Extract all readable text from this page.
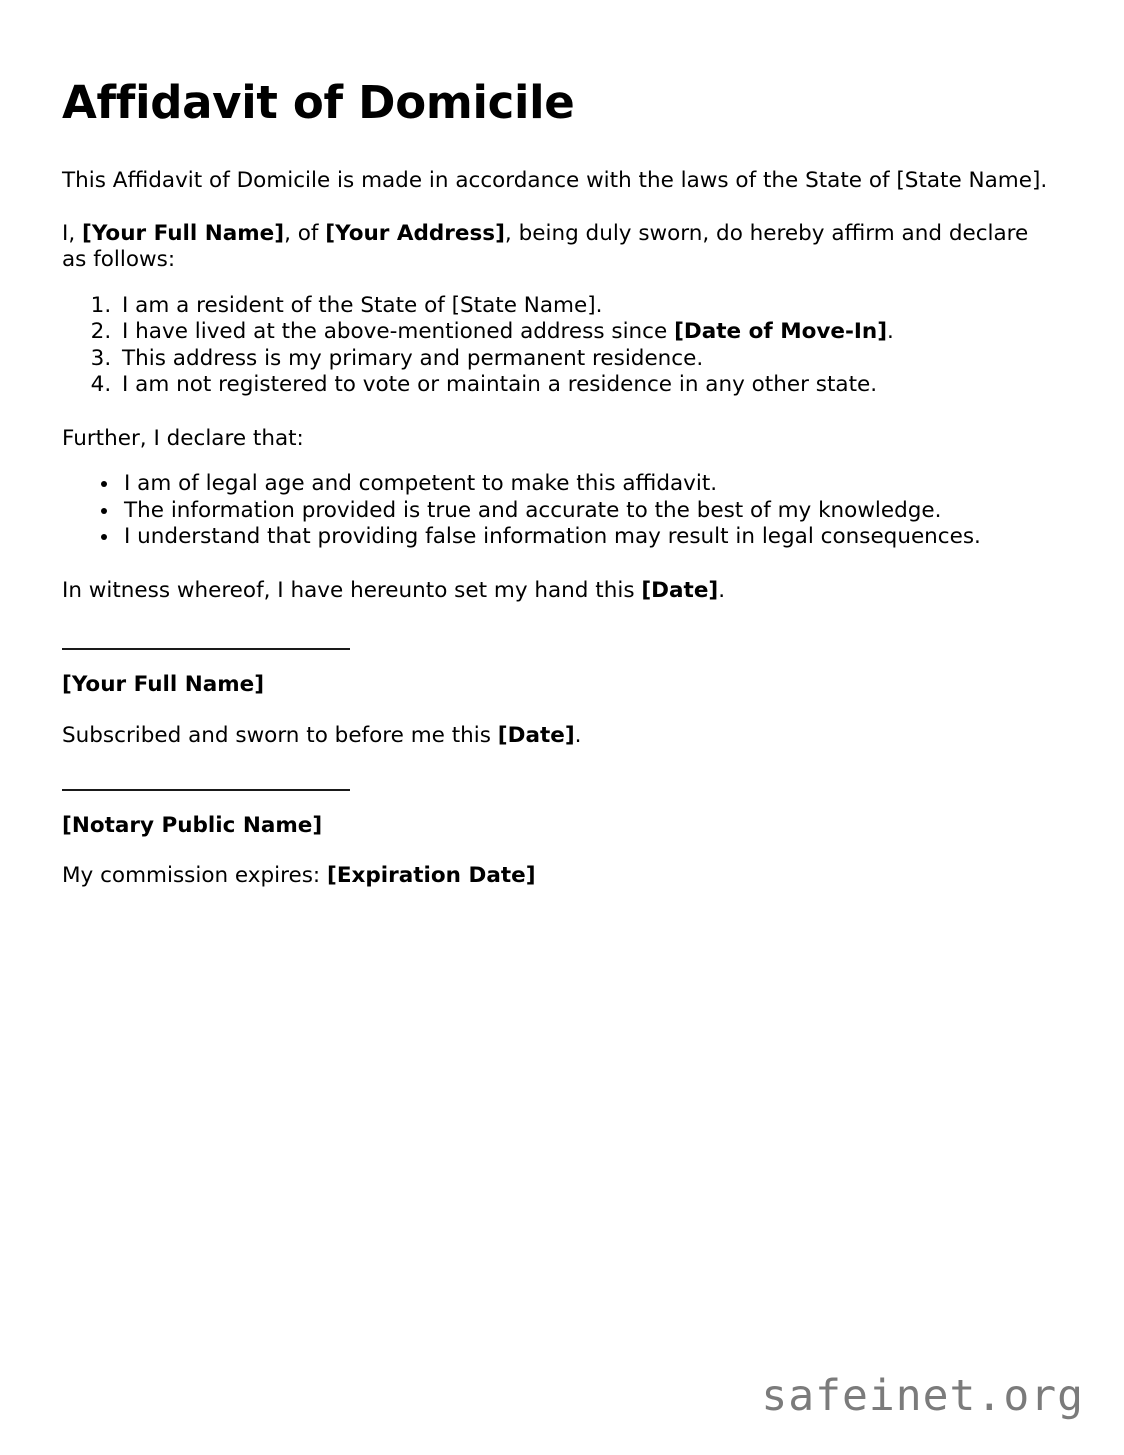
Affidavit of Domicile

This Affidavit of Domicile is made in accordance with the laws of the State of [State Name].

I, [Your Full Name], of [Your Address], being duly sworn, do hereby affirm and declare as follows:

1. I am a resident of the State of [State Name].
2. I have lived at the above-mentioned address since [Date of Move-In].
3. This address is my primary and permanent residence.
4. I am not registered to vote or maintain a residence in any other state.

Further, I declare that:

• I am of legal age and competent to make this affidavit.
• The information provided is true and accurate to the best of my knowledge.
• I understand that providing false information may result in legal consequences.

In witness whereof, I have hereunto set my hand this [Date].

[Your Full Name]

Subscribed and sworn to before me this [Date].

[Notary Public Name]

My commission expires: [Expiration Date]

safeinet.org
